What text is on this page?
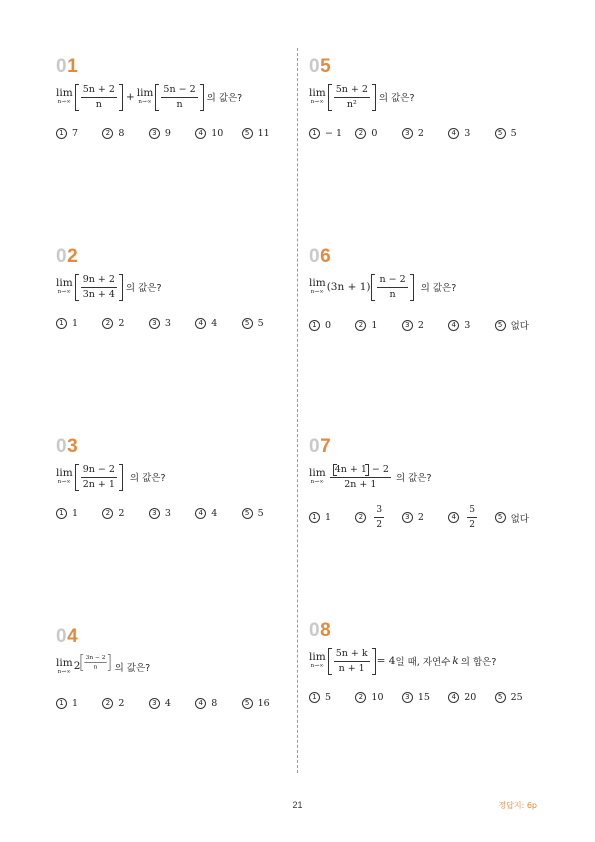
01
lim
$n\to\infty \frac{5n + 2}{n} + \lim$
$n\to\infty \frac{5n - 2}{n}$ 의 값은?
1 7	2 8	3 9	4 10	5 11
02
lim
$n\to\infty \frac{9n + 2}{3n + 4}$ 의 값은?
1 1	2 2	3 3	4 4	5 5
03
lim
$n\to\infty \frac{9n - 2}{2n + 1}$ 의 값은?
1 1	2 2	3 3	4 4	5 5
04
lim
n→∞
$2 \frac{3n - 2}{n}$ 의 값은?
1 1	2 2	3 4	4 8	5 16
05
lim
$n\to\infty \frac{5n + 2}{\text{n²}}$ 의 값은?
1 − 1	2 0	3 2	4 3	5 5
06
lim
n→∞ $(3n + 1) \frac{n - 2}{n}$ 의 값은?
1 0	2 1	3 2	4 3	5 없다
07
lim
$n\to\infty \frac{4n + 1 - 2}{2n + 1}$ 의 값은?
1 1	2	$\frac{3}{2}$	3 2	4	$\frac{5}{2}$	5 없다
08
lim
$n\to\infty \frac{5n + k}{n + 1} = 4$ 일 때, 자연수 k 의 합은?
1 5	2 10	3 15	4 20	5 25
21	정답지: 6p
